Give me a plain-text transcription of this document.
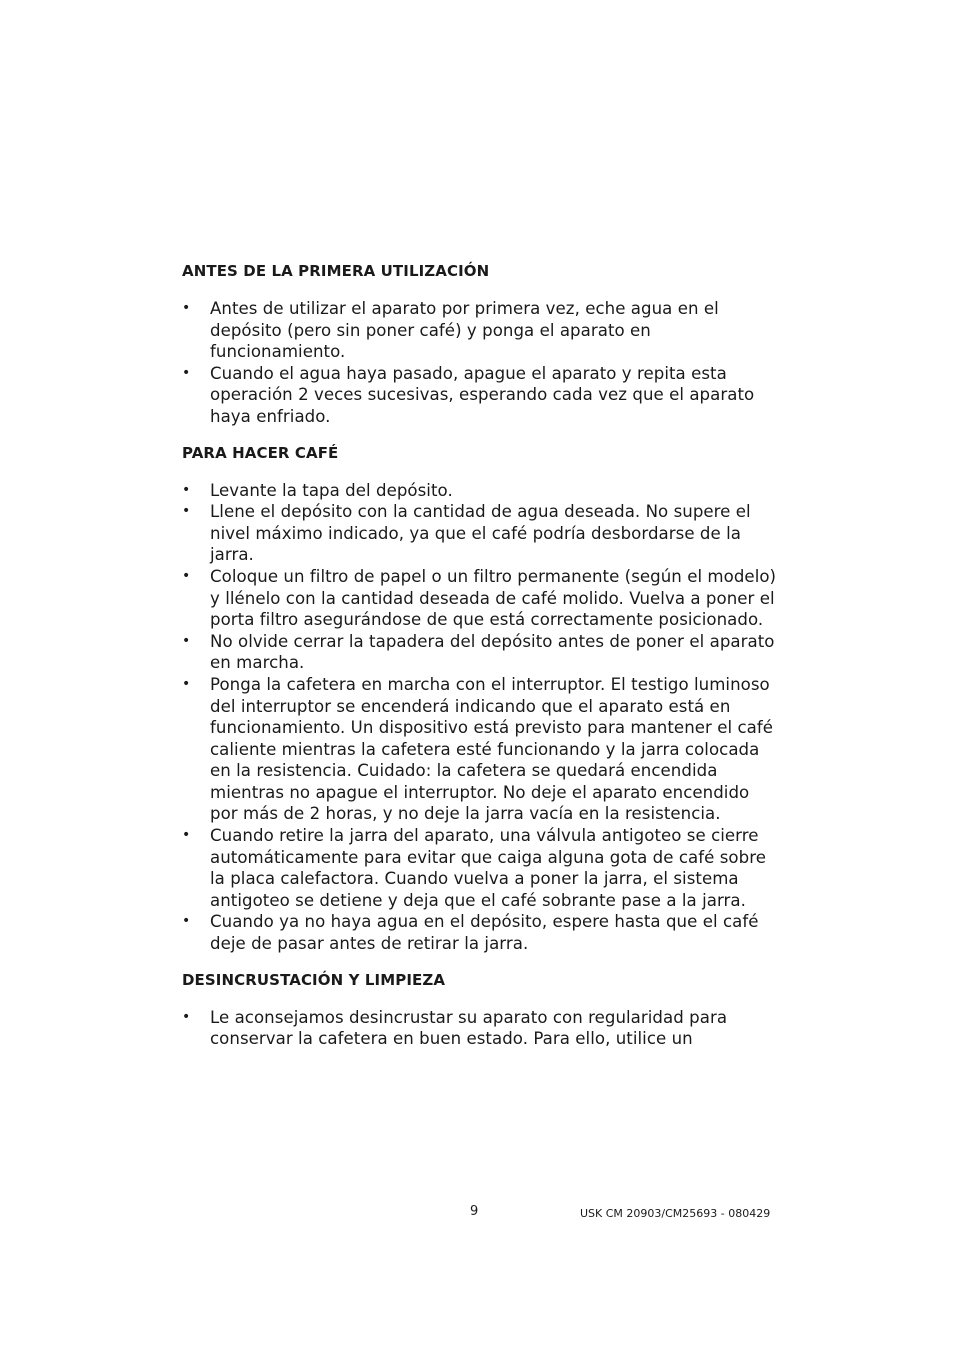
ANTES DE LA PRIMERA UTILIZACIÓN
• Antes de utilizar el aparato por primera vez, eche agua en el depósito (pero sin poner café) y ponga el aparato en funcionamiento.
• Cuando el agua haya pasado, apague el aparato y repita esta operación 2 veces sucesivas, esperando cada vez que el aparato haya enfriado.
PARA HACER CAFÉ
• Levante la tapa del depósito.
• Llene el depósito con la cantidad de agua deseada. No supere el nivel máximo indicado, ya que el café podría desbordarse de la jarra.
• Coloque un filtro de papel o un filtro permanente (según el modelo) y llénelo con la cantidad deseada de café molido. Vuelva a poner el porta filtro asegurándose de que está correctamente posicionado.
• No olvide cerrar la tapadera del depósito antes de poner el aparato en marcha.
• Ponga la cafetera en marcha con el interruptor. El testigo luminoso del interruptor se encenderá indicando que el aparato está en funcionamiento. Un dispositivo está previsto para mantener el café caliente mientras la cafetera esté funcionando y la jarra colocada en la resistencia. Cuidado: la cafetera se quedará encendida mientras no apague el interruptor. No deje el aparato encendido por más de 2 horas, y no deje la jarra vacía en la resistencia.
• Cuando retire la jarra del aparato, una válvula antigoteo se cierre automáticamente para evitar que caiga alguna gota de café sobre la placa calefactora. Cuando vuelva a poner la jarra, el sistema antigoteo se detiene y deja que el café sobrante pase a la jarra.
• Cuando ya no haya agua en el depósito, espere hasta que el café deje de pasar antes de retirar la jarra.
DESINCRUSTACIÓN Y LIMPIEZA
• Le aconsejamos desincrustar su aparato con regularidad para conservar la cafetera en buen estado. Para ello, utilice un
9	USK CM 20903/CM25693 - 080429
